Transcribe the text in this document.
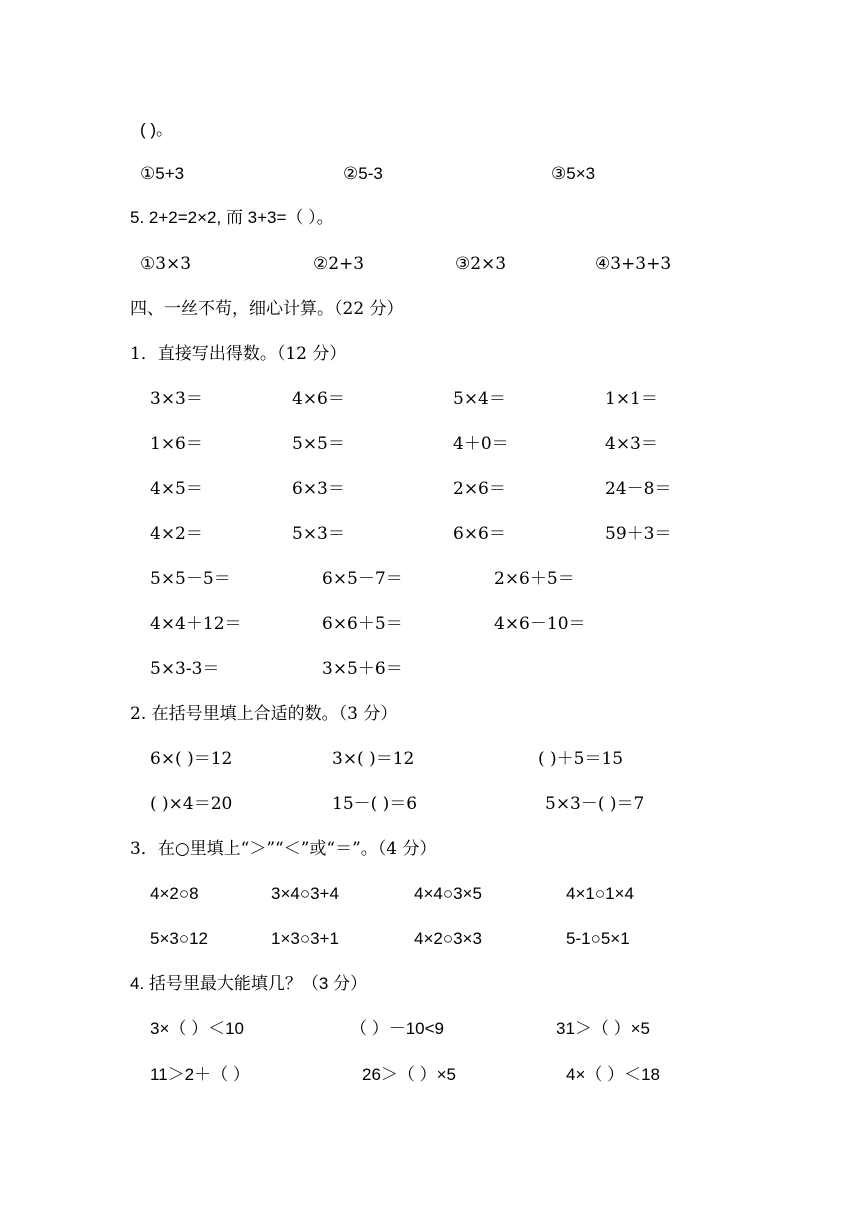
( )。
①5+3	②5-3	③5×3
5. 2+2=2×2, 而 3+3=（ ）。
①3×3	②2+3	③2×3	④3+3+3
四、一丝不苟，细心计算。（22 分）
1．直接写出得数。（12 分）
3×3＝	4×6＝	5×4＝	1×1＝
1×6＝	5×5＝	4＋0＝	4×3＝
4×5＝	6×3＝	2×6＝	24－8＝
4×2＝	5×3＝	6×6＝	59＋3＝
5×5－5＝	6×5－7＝	2×6＋5＝
4×4＋12＝	6×6＋5＝	4×6－10＝
5×3-3＝	3×5＋6＝
2. 在括号里填上合适的数。（3 分）
6×( )＝12	3×( )＝12	( )＋5＝15
( )×4＝20	15－( )＝6	5×3－( )＝7
3．在○里填上“＞”“＜”或“＝”。（4 分）
4×2○8	3×4○3+4	4×4○3×5	4×1○1×4
5×3○12	1×3○3+1	4×2○3×3	5-1○5×1
4. 括号里最大能填几？（3 分）
3×（ ）＜10	（ ）－10<9	31＞（ ）×5
11＞2＋（ ）	26＞（ ）×5	4×（ ）＜18
